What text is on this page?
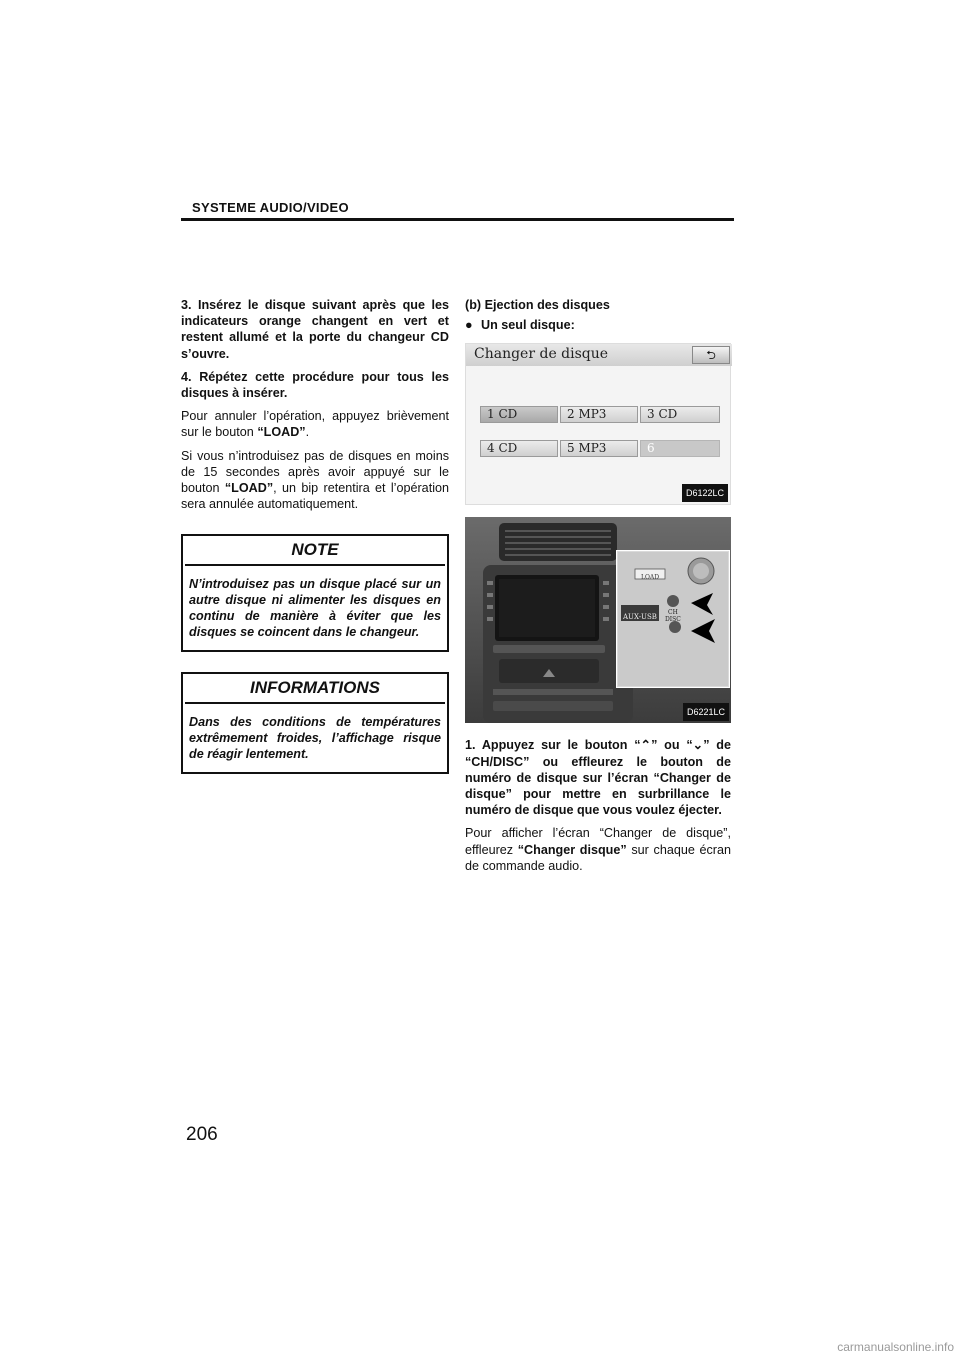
SYSTEME AUDIO/VIDEO

3. Insérez le disque suivant après que les indicateurs orange changent en vert et restent allumé et la porte du changeur CD s’ouvre.

4. Répétez cette procédure pour tous les disques à insérer.

Pour annuler l’opération, appuyez brièvement sur le bouton “LOAD”.

Si vous n’introduisez pas de disques en moins de 15 secondes après avoir appuyé sur le bouton “LOAD”, un bip retentira et l’opération sera annulée automatiquement.

NOTE
N’introduisez pas un disque placé sur un autre disque ni alimenter les disques en continu de manière à éviter que les disques se coincent dans le changeur.
INFORMATIONS
Dans des conditions de températures extrêmement froides, l’affichage risque de réagir lentement.

(b) Ejection des disques

● Un seul disque:
Changer de disque	⮌
1 CD	2 MP3	3 CD
4 CD	5 MP3	6
D6122LC
LOAD
AUX-USB
CH
DISC
D6221LC

1. Appuyez sur le bouton “⌃” ou “⌄” de “CH/DISC” ou effleurez le bouton de numéro de disque sur l’écran “Changer de disque” pour mettre en surbrillance le numéro de disque que vous voulez éjecter.

Pour afficher l’écran “Changer de disque”, effleurez “Changer disque” sur chaque écran de commande audio.

206
carmanualsonline.info
